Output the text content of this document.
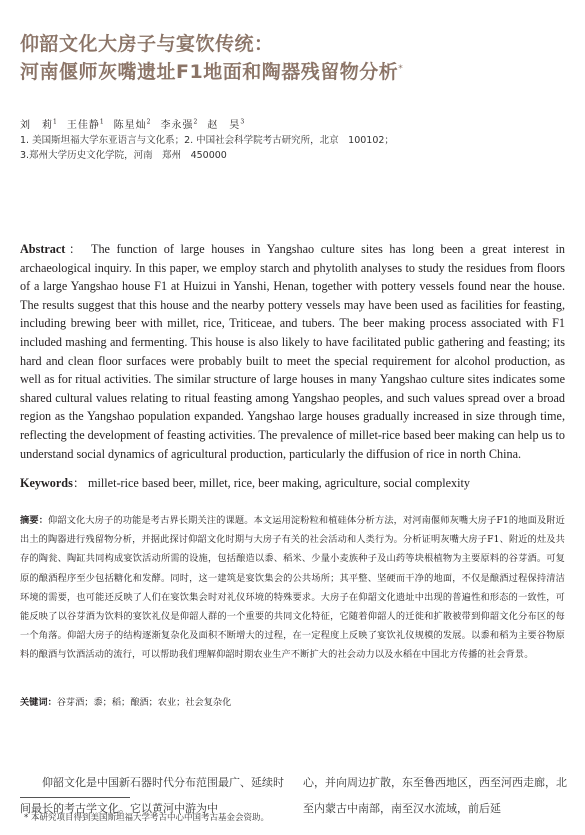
仰韶文化大房子与宴饮传统：
河南偃师灰嘴遗址F1地面和陶器残留物分析*
刘　莉$^1$ 王佳静$^1$ 陈星灿$^2$ 李永强$^2$ 赵　昊$^3$
1. 美国斯坦福大学东亚语言与文化系；2. 中国社会科学院考古研究所，北京　100102；
3.郑州大学历史文化学院，河南　郑州　450000
Abstract： The function of large houses in Yangshao culture sites has long been a great interest in archaeological inquiry. In this paper, we employ starch and phytolith analyses to study the residues from floors of a large Yangshao house F1 at Huizui in Yanshi, Henan, together with pottery vessels found near the house. The results suggest that this house and the nearby pottery vessels may have been used as facilities for feasting, including brewing beer with millet, rice, Triticeae, and tubers. The beer making process associated with F1 included mashing and fermenting. This house is also likely to have facilitated public gathering and feasting; its hard and clean floor surfaces were probably built to meet the special requirement for alcohol production, as well as for ritual activities. The similar structure of large houses in many Yangshao culture sites indicates some shared cultural values relating to ritual feasting among Yangshao peoples, and such values spread over a broad region as the Yangshao population expanded. Yangshao large houses gradually increased in size through time, reflecting the development of feasting activities. The prevalence of millet-rice based beer making can help us to understand social dynamics of agricultural production, particularly the diffusion of rice in north China.
Keywords： millet-rice based beer, millet, rice, beer making, agriculture, social complexity
摘要：仰韶文化大房子的功能是考古界长期关注的课题。本文运用淀粉粒和植硅体分析方法，对河南偃师灰嘴大房子F1的地面及附近出土的陶器进行残留物分析，并据此探讨仰韶文化时期与大房子有关的社会活动和人类行为。分析证明灰嘴大房子F1、附近的灶及共存的陶瓮、陶缸共同构成宴饮活动所需的设施，包括酿造以黍、稻米、少量小麦族种子及山药等块根植物为主要原料的谷芽酒。可复原的酿酒程序至少包括糖化和发酵。同时，这一建筑是宴饮集会的公共场所；其平整、坚硬而干净的地面，不仅是酿酒过程保持清洁环境的需要，也可能还反映了人们在宴饮集会时对礼仪环境的特殊要求。大房子在仰韶文化遗址中出现的普遍性和形态的一致性，可能反映了以谷芽酒为饮料的宴饮礼仪是仰韶人群的一个重要的共同文化特征，它随着仰韶人的迁徙和扩散被带到仰韶文化分布区的每一个角落。仰韶大房子的结构逐渐复杂化及面积不断增大的过程，在一定程度上反映了宴饮礼仪规模的发展。以黍和稻为主要谷物原料的酿酒与饮酒活动的流行，可以帮助我们理解仰韶时期农业生产不断扩大的社会动力以及水稻在中国北方传播的社会背景。
关键词：谷芽酒；黍；稻；酿酒；农业；社会复杂化
仰韶文化是中国新石器时代分布范围最广、延续时间最长的考古学文化。它以黄河中游为中
心，并向周边扩散，东至鲁西地区，西至河西走廊，北至内蒙古中南部，南至汉水流域，前后延
* 本研究项目得到美国斯坦福大学考古中心中国考古基金会资助。
